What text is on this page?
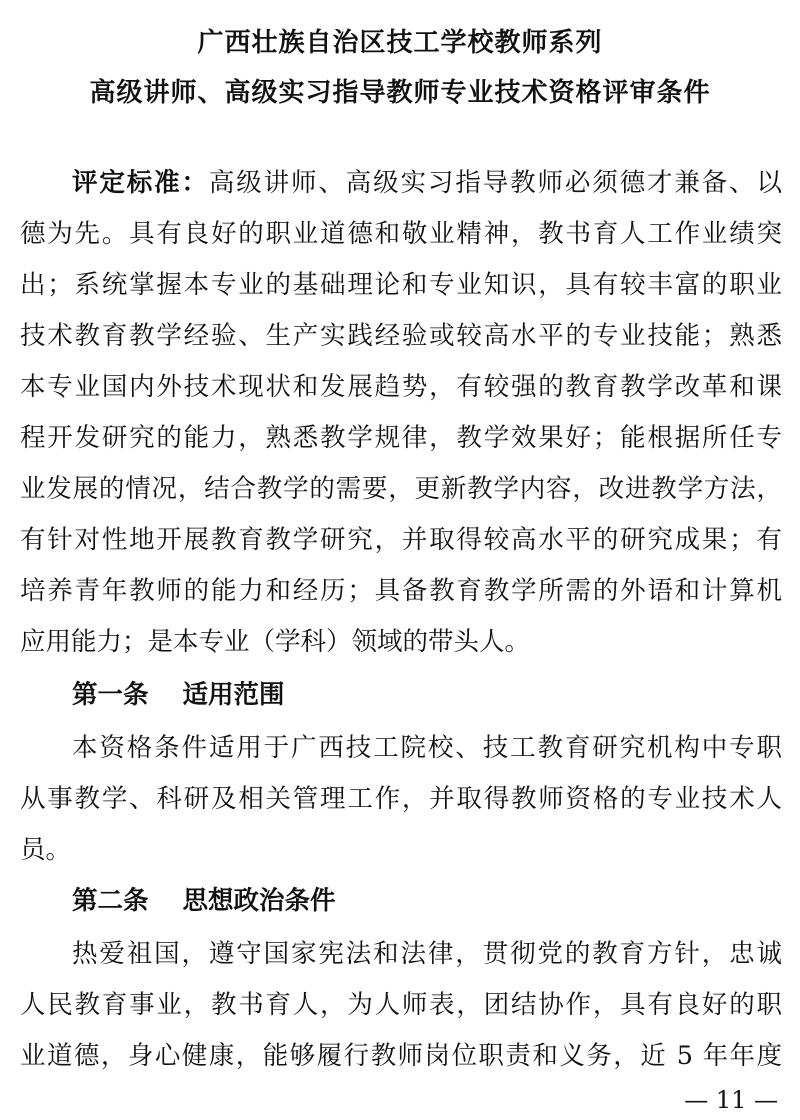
广西壮族自治区技工学校教师系列
高级讲师、高级实习指导教师专业技术资格评审条件
评定标准：高级讲师、高级实习指导教师必须德才兼备、以
德为先。具有良好的职业道德和敬业精神，教书育人工作业绩突
出；系统掌握本专业的基础理论和专业知识，具有较丰富的职业
技术教育教学经验、生产实践经验或较高水平的专业技能；熟悉
本专业国内外技术现状和发展趋势，有较强的教育教学改革和课
程开发研究的能力，熟悉教学规律，教学效果好；能根据所任专
业发展的情况，结合教学的需要，更新教学内容，改进教学方法，
有针对性地开展教育教学研究，并取得较高水平的研究成果；有
培养青年教师的能力和经历；具备教育教学所需的外语和计算机
应用能力；是本专业（学科）领域的带头人。
第一条 适用范围
本资格条件适用于广西技工院校、技工教育研究机构中专职
从事教学、科研及相关管理工作，并取得教师资格的专业技术人
员。
第二条 思想政治条件
热爱祖国，遵守国家宪法和法律，贯彻党的教育方针，忠诚
人民教育事业，教书育人，为人师表，团结协作，具有良好的职
业道德，身心健康，能够履行教师岗位职责和义务，近 5 年年度
— 11 —
